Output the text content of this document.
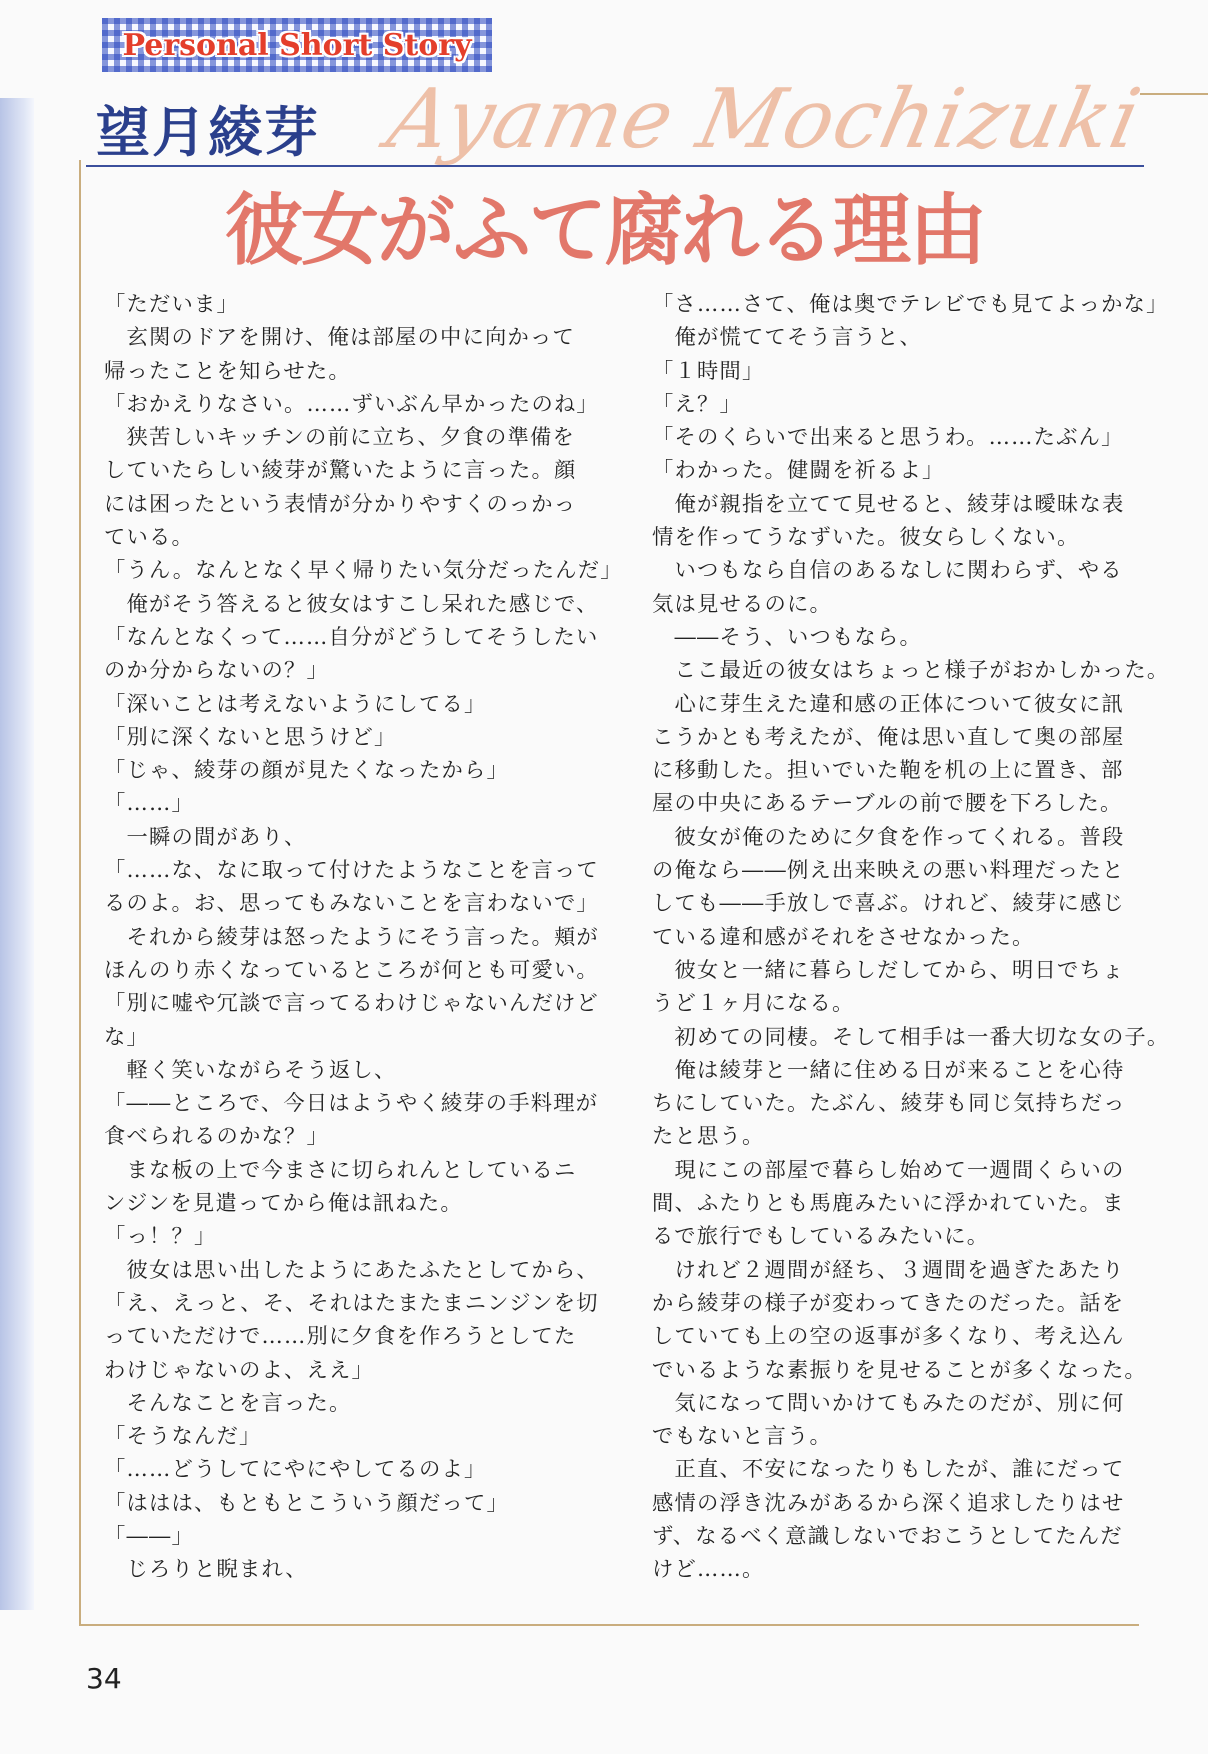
Personal Short Story
望月綾芽 Ayame Mochizuki
彼女がふて腐れる理由
「ただいま」
　玄関のドアを開け、俺は部屋の中に向かって
帰ったことを知らせた。
「おかえりなさい。……ずいぶん早かったのね」
　狭苦しいキッチンの前に立ち、夕食の準備を
していたらしい綾芽が驚いたように言った。顔
には困ったという表情が分かりやすくのっかっ
ている。
「うん。なんとなく早く帰りたい気分だったんだ」
　俺がそう答えると彼女はすこし呆れた感じで、
「なんとなくって……自分がどうしてそうしたい
のか分からないの？」
「深いことは考えないようにしてる」
「別に深くないと思うけど」
「じゃ、綾芽の顔が見たくなったから」
「……」
　一瞬の間があり、
「……な、なに取って付けたようなことを言って
るのよ。お、思ってもみないことを言わないで」
　それから綾芽は怒ったようにそう言った。頬が
ほんのり赤くなっているところが何とも可愛い。
「別に嘘や冗談で言ってるわけじゃないんだけど
な」
　軽く笑いながらそう返し、
「――ところで、今日はようやく綾芽の手料理が
食べられるのかな？」
　まな板の上で今まさに切られんとしているニ
ンジンを見遣ってから俺は訊ねた。
「っ！？」
　彼女は思い出したようにあたふたとしてから、
「え、えっと、そ、それはたまたまニンジンを切
っていただけで……別に夕食を作ろうとしてた
わけじゃないのよ、ええ」
　そんなことを言った。
「そうなんだ」
「……どうしてにやにやしてるのよ」
「ははは、もともとこういう顔だって」
「――」
　じろりと睨まれ、
「さ……さて、俺は奥でテレビでも見てよっかな」
　俺が慌ててそう言うと、
「１時間」
「え？」
「そのくらいで出来ると思うわ。……たぶん」
「わかった。健闘を祈るよ」
　俺が親指を立てて見せると、綾芽は曖昧な表
情を作ってうなずいた。彼女らしくない。
　いつもなら自信のあるなしに関わらず、やる
気は見せるのに。
　――そう、いつもなら。
　ここ最近の彼女はちょっと様子がおかしかった。
　心に芽生えた違和感の正体について彼女に訊
こうかとも考えたが、俺は思い直して奥の部屋
に移動した。担いでいた鞄を机の上に置き、部
屋の中央にあるテーブルの前で腰を下ろした。
　彼女が俺のために夕食を作ってくれる。普段
の俺なら――例え出来映えの悪い料理だったと
しても――手放しで喜ぶ。けれど、綾芽に感じ
ている違和感がそれをさせなかった。
　彼女と一緒に暮らしだしてから、明日でちょ
うど１ヶ月になる。
　初めての同棲。そして相手は一番大切な女の子。
　俺は綾芽と一緒に住める日が来ることを心待
ちにしていた。たぶん、綾芽も同じ気持ちだっ
たと思う。
　現にこの部屋で暮らし始めて一週間くらいの
間、ふたりとも馬鹿みたいに浮かれていた。ま
るで旅行でもしているみたいに。
　けれど２週間が経ち、３週間を過ぎたあたり
から綾芽の様子が変わってきたのだった。話を
していても上の空の返事が多くなり、考え込ん
でいるような素振りを見せることが多くなった。
　気になって問いかけてもみたのだが、別に何
でもないと言う。
　正直、不安になったりもしたが、誰にだって
感情の浮き沈みがあるから深く追求したりはせ
ず、なるべく意識しないでおこうとしてたんだ
けど……。
34
